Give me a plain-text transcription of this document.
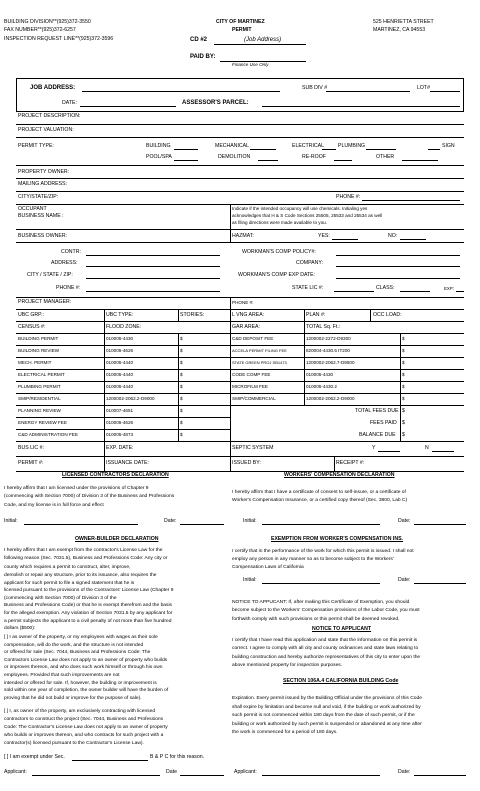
BUILDING DIVISION**(925)372-3550
FAX NUMBER**(925)372-6257
INSPECTION REQUEST LINE**(925)372-3596
CITY OF MARTINEZ
PERMIT
525 HENRIETTA STREET
MARTINEZ, CA 94553
CD #2	(Job Address)
PAID BY:
Finance Use Only
JOB ADDRESS:	SUB DIV #	LOT#
DATE:	ASSESSOR'S PARCEL:
PROJECT DESCRIPTION:
PROJECT VALUATION:
PERMIT TYPE:	BUILDING	MECHANICAL	ELECTRICAL	PLUMBING	SIGN
POOL/SPA	DEMOLITION	RE-ROOF	OTHER
PROPERTY OWNER:
MAILING ADDRESS:
CITY/STATE/ZIP:	PHONE #:
OCCUPANT
BUSINESS NAME :
Indicate if the intended occupancy will use chemicals. Initialing yes
acknowledges that H & S Code Sections 25505, 25533 and 25534 as well
as filing directions were made available to you.
BUSINESS OWNER:	HAZMAT:	YES:	NO:
CONTR:	WORKMAN'S COMP POLICY#:
ADDRESS:	COMPANY:
CITY / STATE / ZIP:	WORKMAN'S COMP EXP DATE:
PHONE #:	STATE LIC #:	CLASS:	EXP:
PROJECT MANAGER:	PHONE #:
UBC GRP.:	UBC TYPE:	STORIES:	L VNG AREA:	PLAN #:	OCC LOAD:
CENSUS #:	FLOOD ZONE:	GAR AREA:	TOTAL Sq. Ft.:
BUILDING PERMIT	010005-4430	$
BUILDING REVIEW	010005-4626	$
MECH. PERMIT	010005-4440	$
ELECTRICAL PERMIT	010005-4440	$
PLUMBING PERMIT	010005-4440	$
SMIP/RESIDENTIAL	1200002-2062.2-D9000	$
PLANNING REVIEW	010007-4651	$
ENERGY REVIEW FEE	010005-4626	$
C&D ADMINISTRATION FEE	010005-4873	$
C&D DEPOSIT FEE	1200002-2272-D9300	$
ACCELA PERMIT FILING FEE	820004-4430.5 IT200	$
STATE GREEN PROJ SB1473	1200002-2062.7-D9500	$
CODE COMP FEE	010005-4430	$
MICROFILM FEE	010005-4430.2	$
SMIP/COMMERCIAL	1200002-2062.2-D9000	$
TOTAL FEES DUE $
FEES PAID $
BALANCE DUE $
BUS LIC #:	EXP. DATE:	SEPTIC SYSTEM	Y	N
PERMIT #:	ISSUANCE DATE:	ISSUED BY:	RECEIPT #:
LICENSED CONTRACTORS DECLARATION	WORKERS' COMPENSATION DECLARATION
I hereby affirm that I am licensed under the provisions of Chapter 9
(commencing with Section 7000) of Division 3 of the Business and Professions
Code, and my license is in full force and effect
I hereby affirm that I have a certificate of consent to self-insure, or a certificate of
Worker's Compensation Insurance, or a certified copy thereof (Sec. 3800, Lab C)
Initial:	Date:	Initial:	Date:
OWNER-BUILDER DECLARATION	EXEMPTION FROM WORKER'S COMPENSATION INS.
I hereby affirm that I am exempt from the contractor's License Law for the
following reason (Sec. 7031.5), Business and Professions Code: Any city or
county which requires a permit to construct, alter, improve,
demolish or repair any structure, prior to its issuance, also requires the
applicant for such permit to file a signed statement that he is
licensed pursuant to the provisions of the Contractors' License Law (Chapter 9
(commencing with Section 7000) of Division 3 of the
Business and Professions Code) or that he is exempt therefrom and the basis
for the alleged exemption. Any violation of Section 7031.5 by any applicant for
a permit subjects the applicant to a civil penalty of not more than five hundred
dollars ($500):
[ ] I as owner of the property, or my employees with wages as their sole
compensation, will do the work, and the structure is not intended
or offered for sale (Sec. 7044, Business and Professions Code: The
Contractors License Law does not apply to an owner of property who builds
or improves thereon, and who does such work himself or through his own
employees. Provided that such improvements are not
intended or offered for sale. If, however, the building or improvement is
sold within one year of completion, the owner builder will have the burden of
proving that he did not build or improve for the purpose of sale).
[ ] I, as owner of the property, am exclusively contracting with licensed
contractors to construct the project (Sec. 7044, Business and Professions
Code: The Contractor's License Law does not apply to an owner of property
who builds or improves thereon, and who contracts for such project with a
contractor(s) licensed pursuant to the Contractor's License Law).
[ ] I am exempt under Sec.	B & P C for this reason.
Applicant:	Date
I certify that in the performance of the work for which this permit is issued. I shall not
employ any person in any manner so as to become subject to the Workers'
Compensation Laws of California
Initial:	Date:
NOTICE TO APPUCANT: If, after making this Certificate of Exemption, you should
become subject to the Workers' Compensation provisions of the Labor Code, you must
forthwith comply with such provisions or this permit shall be deemed revoked.
NOTICE TO APPLICANT
I certify that I have read this application and state that the information on this permit is
correct. I agree to comply with all city and county ordinances and state laws relating to
building construction and hereby authorize representatives of this city to enter upon the
above mentioned property for inspection purposes.
SECTION 106A.4 CALIFORNIA BUILDING Code
Expiration. Every permit issued by the Building Official under the provisions of this Code
shall expire by limitation and become null and void, if the building or work authorized by
such permit is not commenced within 180 days from the date of such permit, or if the
building or work authorized by such permit is suspended or abandoned at any time after
the work is commenced for a period of 180 days.
Applicant:	Date:
